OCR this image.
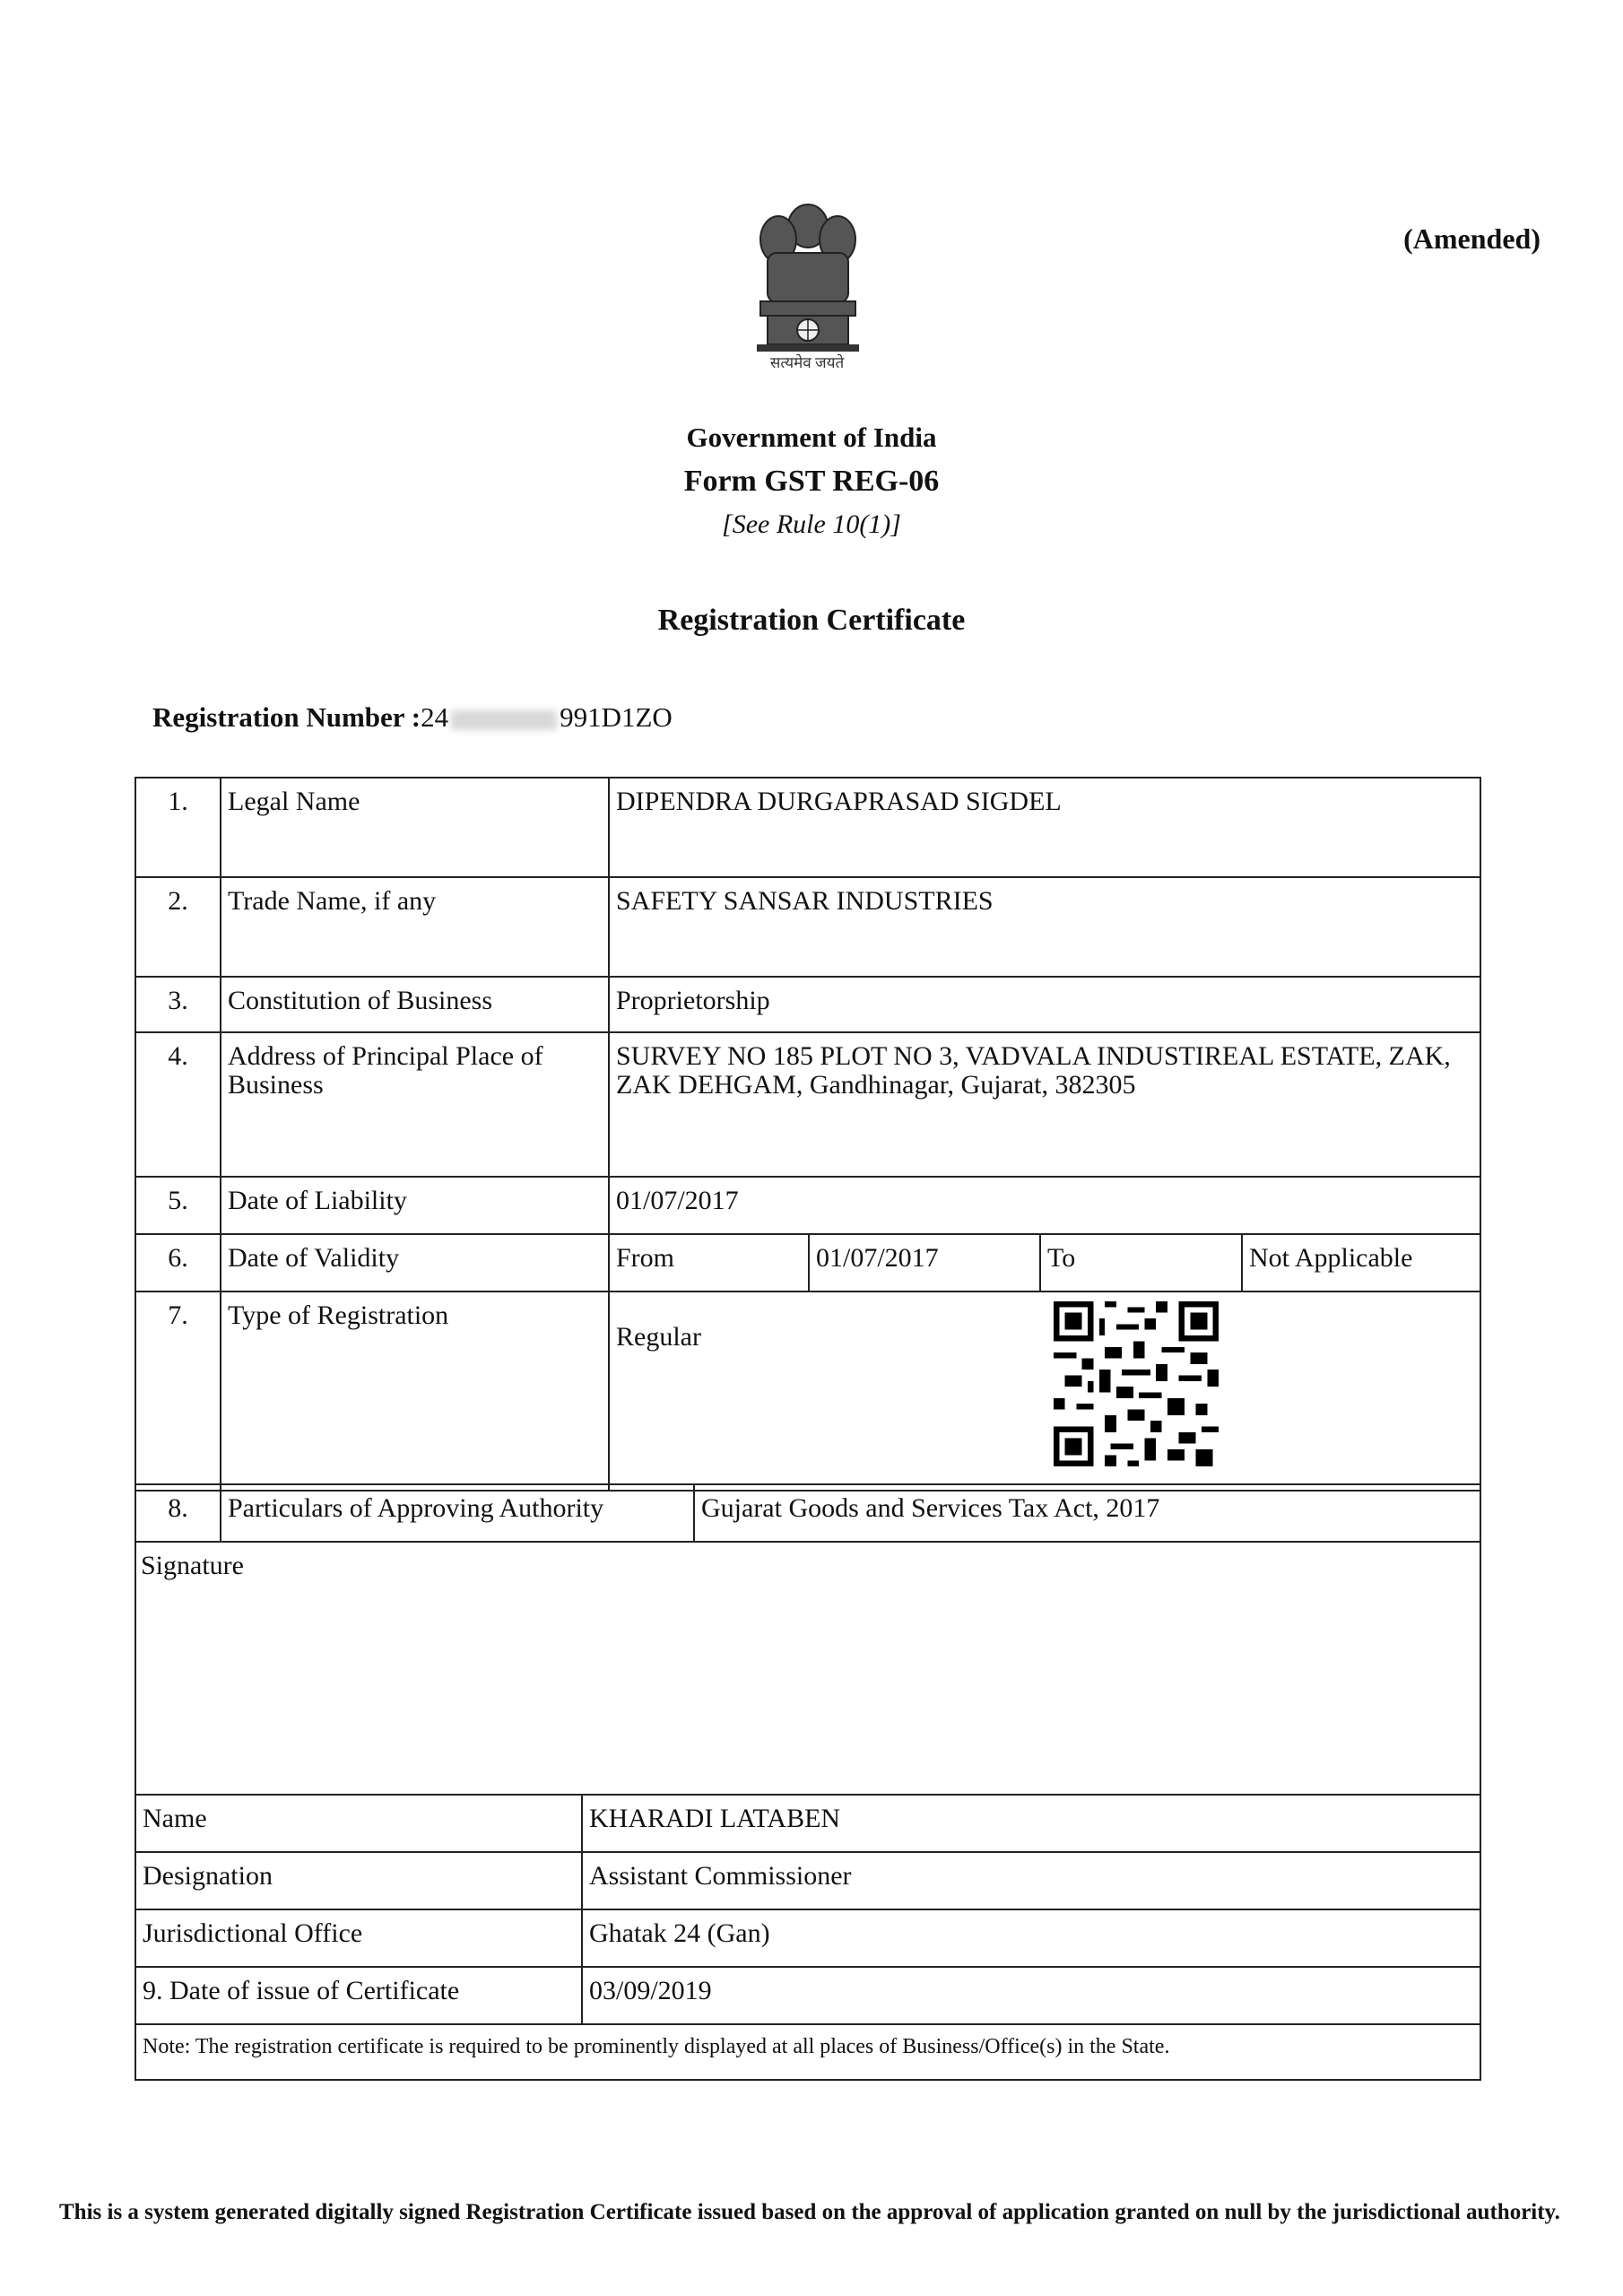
सत्यमेव जयते
(Amended)
Government of India
Form GST REG-06
[See Rule 10(1)]
Registration Certificate
Registration Number :24	991D1ZO
1.	Legal Name	DIPENDRA DURGAPRASAD SIGDEL			
2.	Trade Name, if any	SAFETY SANSAR INDUSTRIES			
3.	Constitution of Business	Proprietorship			
4.	Address of Principal Place of Business	SURVEY NO 185 PLOT NO 3, VADVALA INDUSTIREAL ESTATE, ZAK, ZAK DEHGAM, Gandhinagar, Gujarat, 382305			
5.	Date of Liability	01/07/2017			
6.	Date of Validity	From	01/07/2017	To	Not Applicable
7.	Type of Registration	Regular			
8.	Particulars of Approving Authority	Gujarat Goods and Services Tax Act, 2017
Signature
Name	KHARADI LATABEN
Designation	Assistant Commissioner
Jurisdictional Office	Ghatak 24 (Gan)
9. Date of issue of Certificate	03/09/2019
Note: The registration certificate is required to be prominently displayed at all places of Business/Office(s) in the State.	
This is a system generated digitally signed Registration Certificate issued based on the approval of application granted on null by the jurisdictional authority.
